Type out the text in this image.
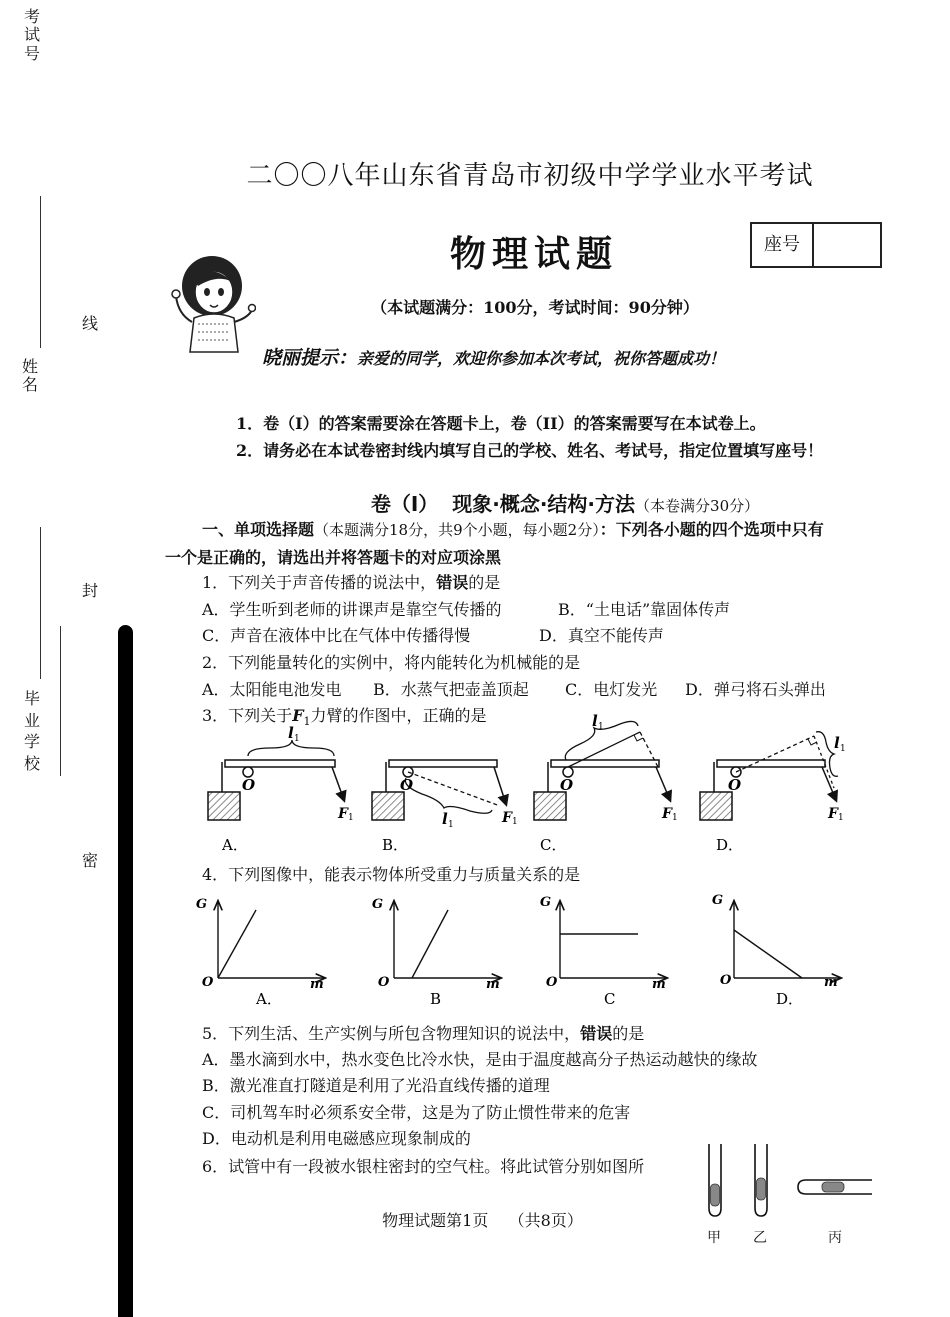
考试号
姓名
毕业学校
线
封
密
二〇〇八年山东省青岛市初级中学学业水平考试
物理试题	座号
（本试题满分：100分，考试时间：90分钟）
晓丽提示：亲爱的同学，欢迎你参加本次考试，祝你答题成功！
1．卷（I）的答案需要涂在答题卡上，卷（II）的答案需要写在本试卷上。
2．请务必在本试卷密封线内填写自己的学校、姓名、考试号，指定位置填写座号！
卷（Ⅰ）  现象·概念·结构·方法（本卷满分30分）
一、单项选择题（本题满分18分，共9个小题，每小题2分）：下列各小题的四个选项中只有
一个是正确的，请选出并将答题卡的对应项涂黑
1．下列关于声音传播的说法中，错误的是
A．学生听到老师的讲课声是靠空气传播的	B．“土电话”靠固体传声
C．声音在液体中比在气体中传播得慢	D．真空不能传声
2．下列能量转化的实例中，将内能转化为机械能的是
A．太阳能电池发电 B．水蒸气把壶盖顶起 C．电灯发光 D．弹弓将石头弹出
3．下列关于$F_1$力臂的作图中，正确的是
O
l 1
F 1
A．
O
l 1	F 1
B．
O
l 1
F 1
C．
O
l 1
F 1
D．
4．下列图像中，能表示物体所受重力与质量关系的是
G
O	m
A．
G
O	m
B
G
O	m
C
G
O	m
D．
5．下列生活、生产实例与所包含物理知识的说法中，错误的是
A．墨水滴到水中，热水变色比冷水快，是由于温度越高分子热运动越快的缘故
B．激光准直打隧道是利用了光沿直线传播的道理
C．司机驾车时必须系安全带，这是为了防止惯性带来的危害
D．电动机是利用电磁感应现象制成的
6．试管中有一段被水银柱密封的空气柱。将此试管分别如图所
甲 乙	丙
物理试题第1页    （共8页）
